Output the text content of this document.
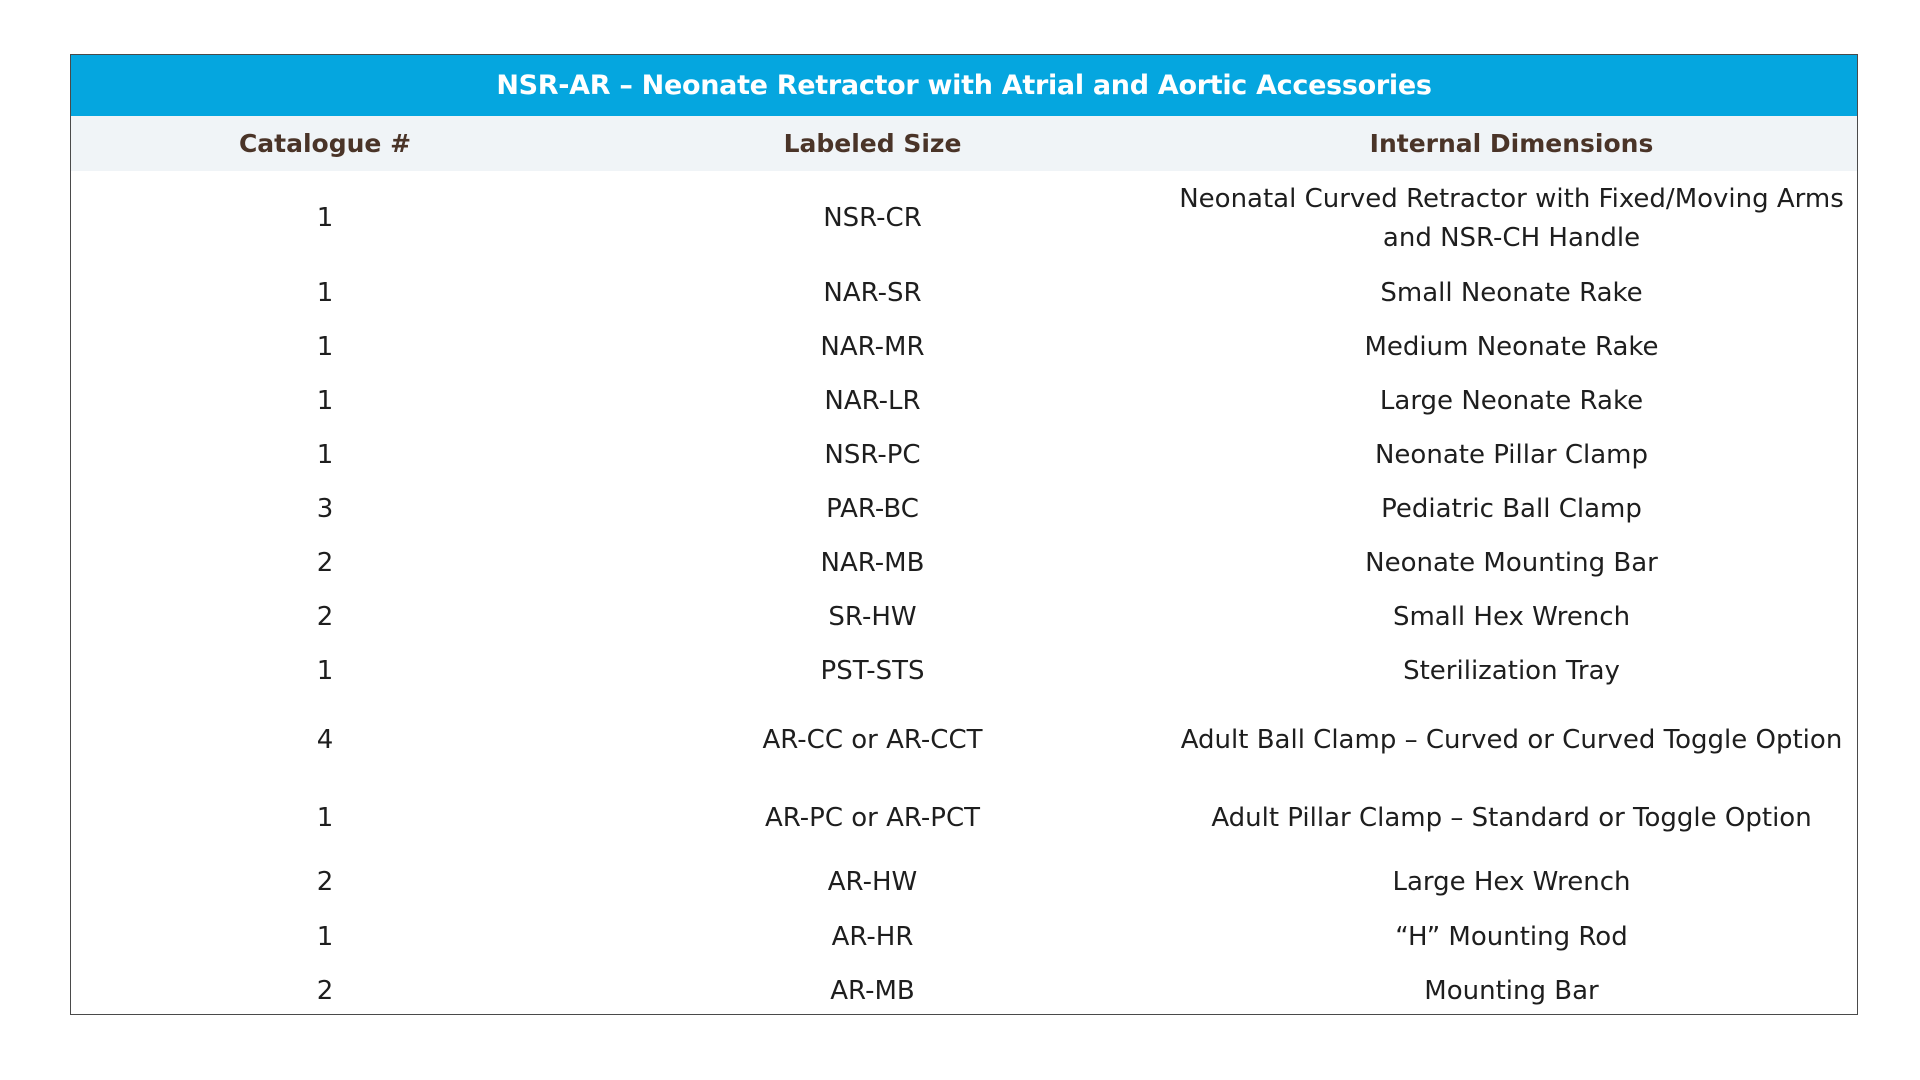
NSR-AR – Neonate Retractor with Atrial and Aortic Accessories
Catalogue #	Labeled Size	Internal Dimensions
1	NSR-CR	Neonatal Curved Retractor with Fixed/Moving Arms and NSR-CH Handle
1	NAR-SR	Small Neonate Rake
1	NAR-MR	Medium Neonate Rake
1	NAR-LR	Large Neonate Rake
1	NSR-PC	Neonate Pillar Clamp
3	PAR-BC	Pediatric Ball Clamp
2	NAR-MB	Neonate Mounting Bar
2	SR-HW	Small Hex Wrench
1	PST-STS	Sterilization Tray
4	AR-CC or AR-CCT	Adult Ball Clamp – Curved or Curved Toggle Option
1	AR-PC or AR-PCT	Adult Pillar Clamp – Standard or Toggle Option
2	AR-HW	Large Hex Wrench
1	AR-HR	“H” Mounting Rod
2	AR-MB	Mounting Bar
